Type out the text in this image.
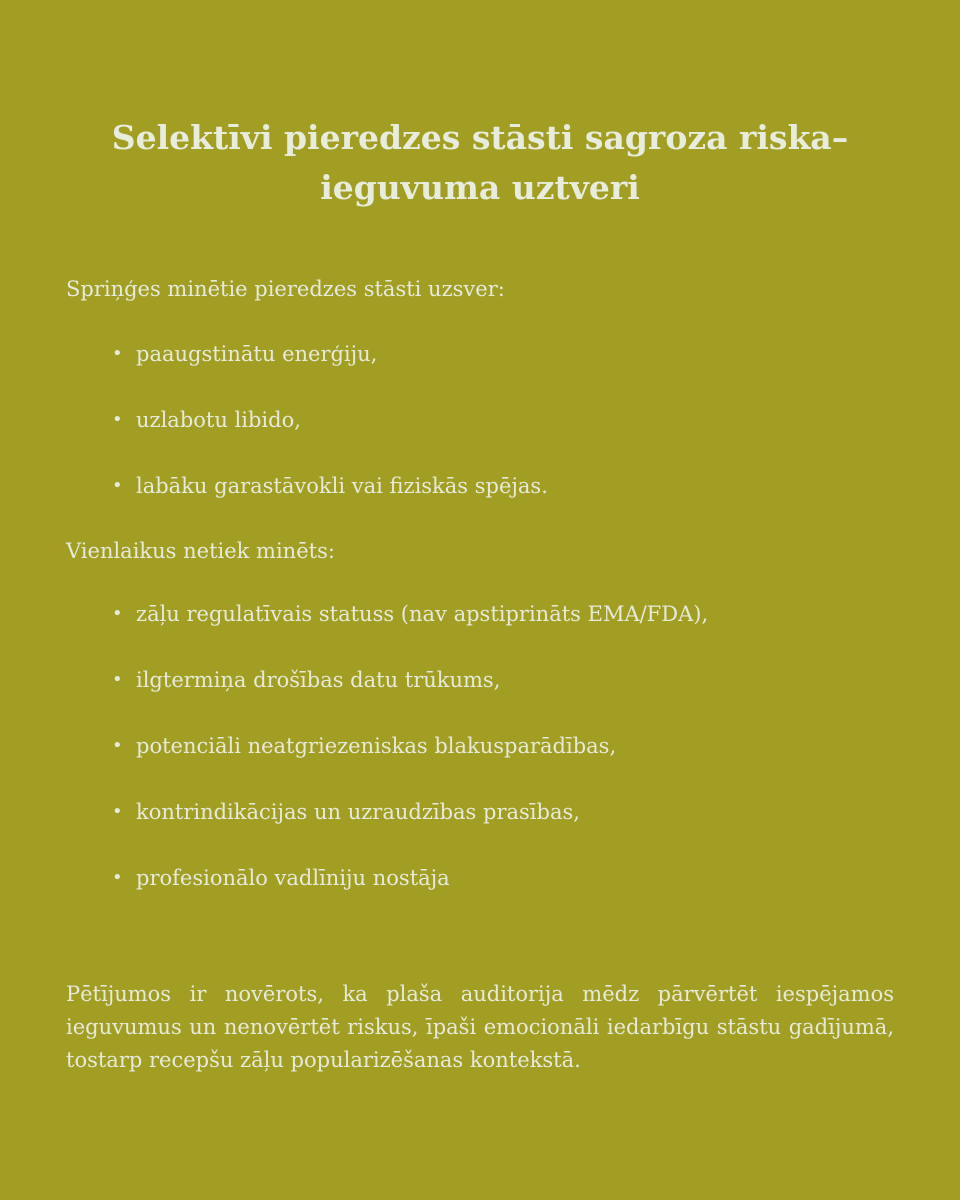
Selektīvi pieredzes stāsti sagroza riska–ieguvuma uztveri

Spriņģes minētie pieredzes stāsti uzsver:

• paaugstinātu enerģiju,
• uzlabotu libido,
• labāku garastāvokli vai fiziskās spējas.

Vienlaikus netiek minēts:

• zāļu regulatīvais statuss (nav apstiprināts EMA/FDA),
• ilgtermiņa drošības datu trūkums,
• potenciāli neatgriezeniskas blakusparādības,
• kontrindikācijas un uzraudzības prasības,
• profesionālo vadlīniju nostāja

Pētījumos ir novērots, ka plaša auditorija mēdz pārvērtēt iespējamos ieguvumus un nenovērtēt riskus, īpaši emocionāli iedarbīgu stāstu gadījumā, tostarp recepšu zāļu popularizēšanas kontekstā.
